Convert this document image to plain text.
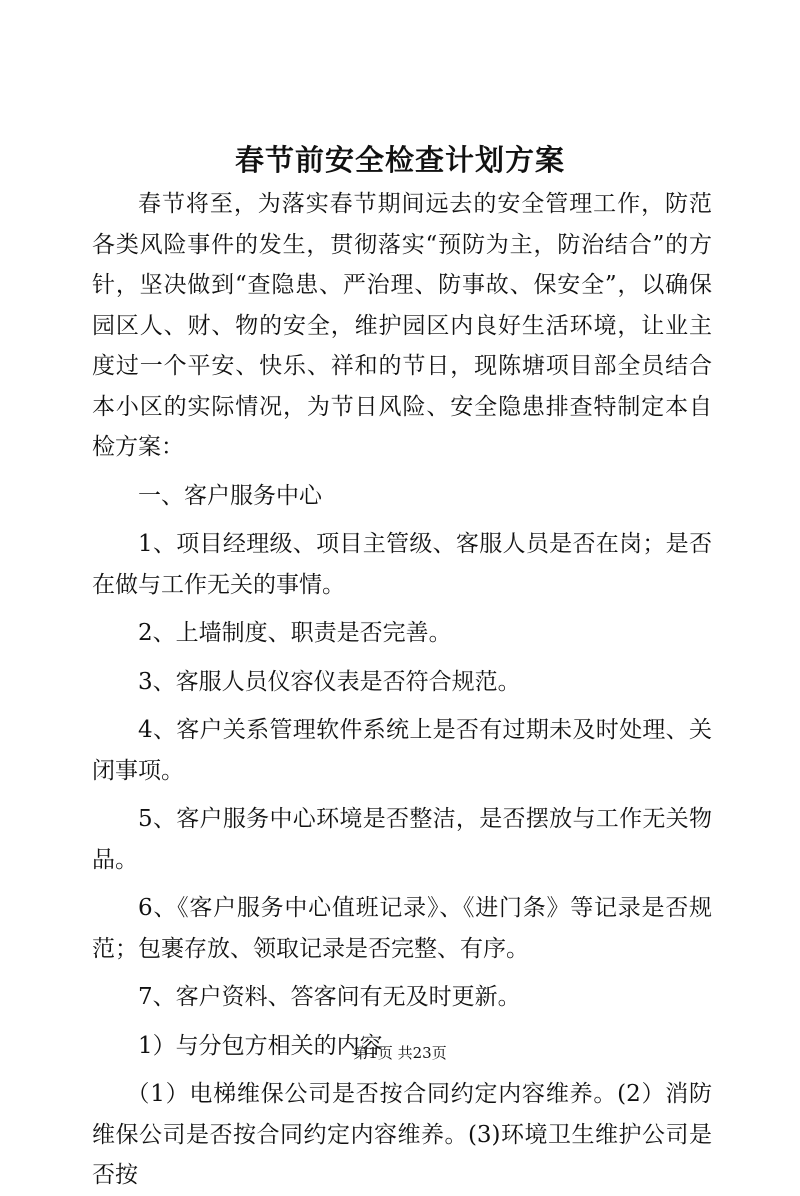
春节前安全检查计划方案

春节将至，为落实春节期间远去的安全管理工作，防范各类风险事件的发生，贯彻落实“预防为主，防治结合”的方针，坚决做到“查隐患、严治理、防事故、保安全”，以确保园区人、财、物的安全，维护园区内良好生活环境，让业主度过一个平安、快乐、祥和的节日，现陈塘项目部全员结合本小区的实际情况，为节日风险、安全隐患排查特制定本自检方案：

一、客户服务中心

1、项目经理级、项目主管级、客服人员是否在岗；是否在做与工作无关的事情。

2、上墙制度、职责是否完善。

3、客服人员仪容仪表是否符合规范。

4、客户关系管理软件系统上是否有过期未及时处理、关闭事项。

5、客户服务中心环境是否整洁，是否摆放与工作无关物品。

6、《客户服务中心值班记录》、《进门条》等记录是否规范；包裹存放、领取记录是否完整、有序。

7、客户资料、答客问有无及时更新。

1）与分包方相关的内容

（1）电梯维保公司是否按合同约定内容维养。(2）消防维保公司是否按合同约定内容维养。(3)环境卫生维护公司是否按

第1页 共23页
